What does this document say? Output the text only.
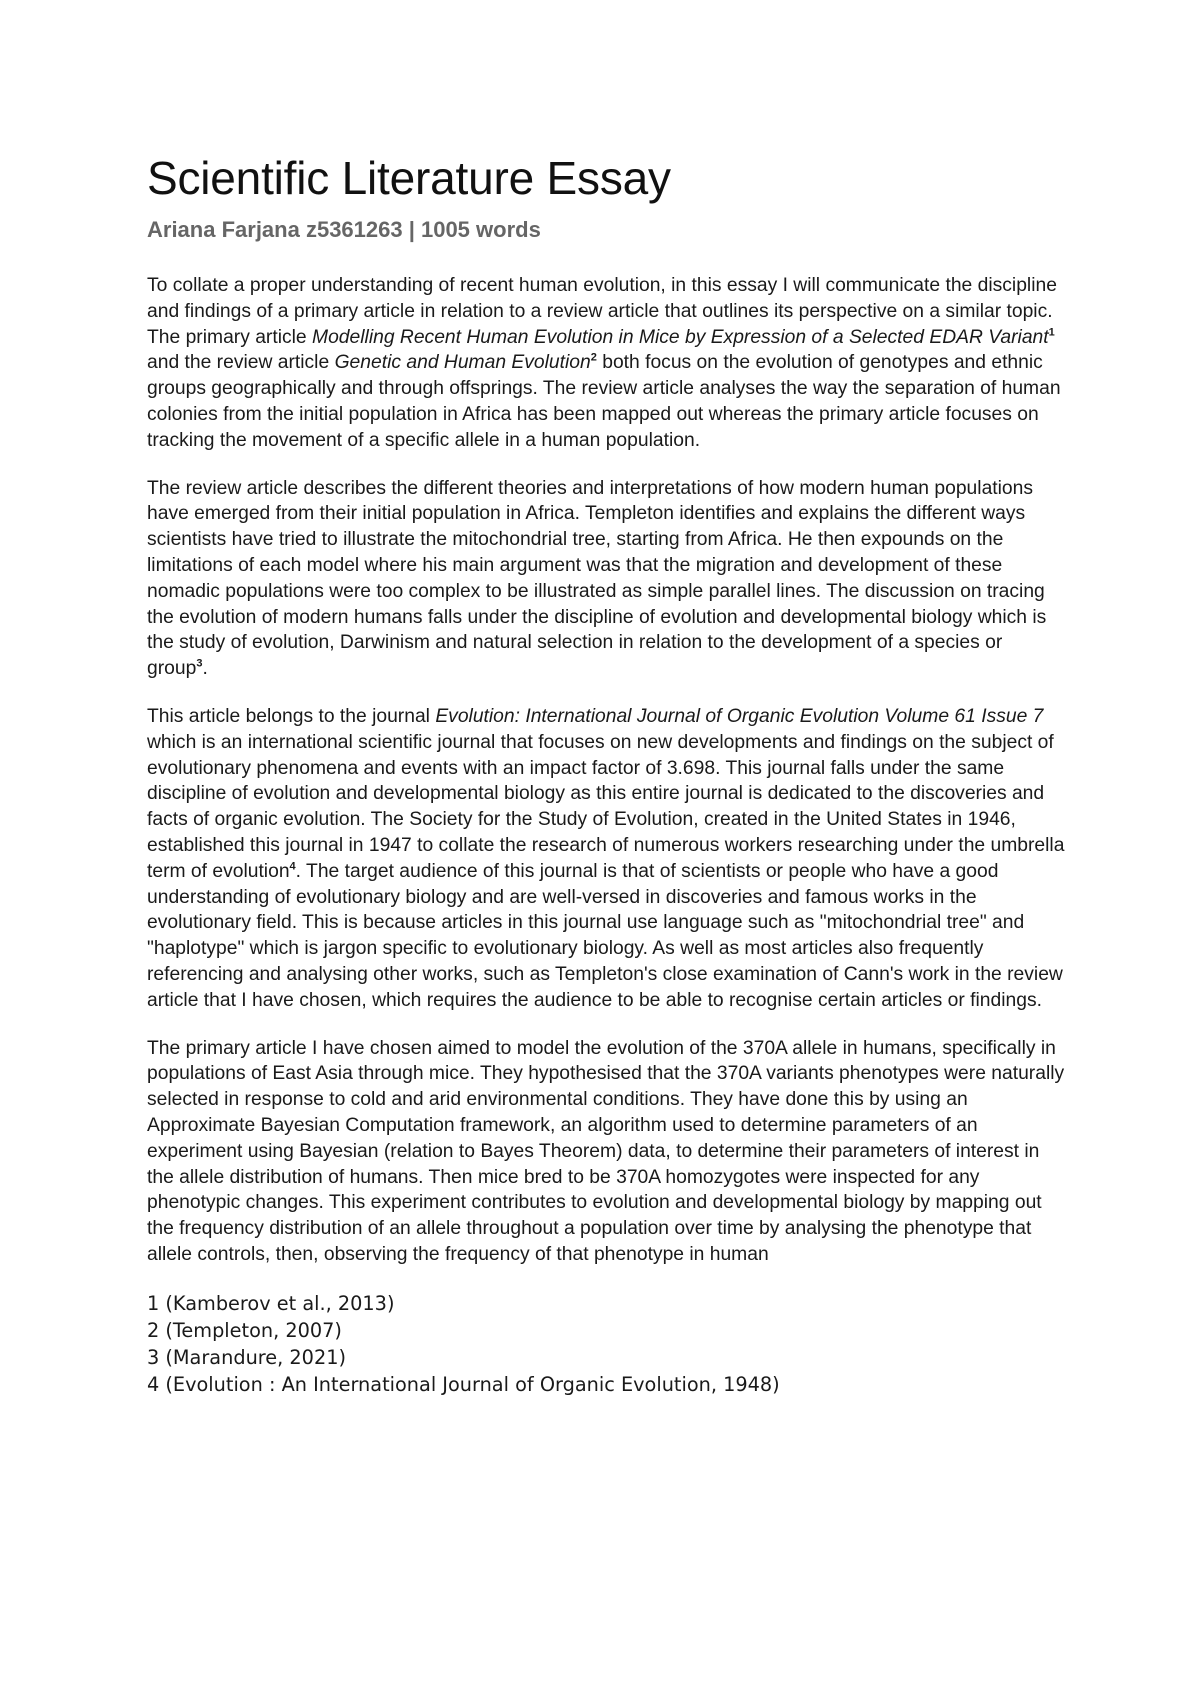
Scientific Literature Essay
Ariana Farjana z5361263 | 1005 words

To collate a proper understanding of recent human evolution, in this essay I will communicate the discipline and findings of a primary article in relation to a review article that outlines its perspective on a similar topic. The primary article Modelling Recent Human Evolution in Mice by Expression of a Selected EDAR Variant$^1$ and the review article Genetic and Human Evolution$^2$ both focus on the evolution of genotypes and ethnic groups geographically and through offsprings. The review article analyses the way the separation of human colonies from the initial population in Africa has been mapped out whereas the primary article focuses on tracking the movement of a specific allele in a human population.

The review article describes the different theories and interpretations of how modern human populations have emerged from their initial population in Africa. Templeton identifies and explains the different ways scientists have tried to illustrate the mitochondrial tree, starting from Africa. He then expounds on the limitations of each model where his main argument was that the migration and development of these nomadic populations were too complex to be illustrated as simple parallel lines. The discussion on tracing the evolution of modern humans falls under the discipline of evolution and developmental biology which is the study of evolution, Darwinism and natural selection in relation to the development of a species or group$^3$.

This article belongs to the journal Evolution: International Journal of Organic Evolution Volume 61 Issue 7 which is an international scientific journal that focuses on new developments and findings on the subject of evolutionary phenomena and events with an impact factor of 3.698. This journal falls under the same discipline of evolution and developmental biology as this entire journal is dedicated to the discoveries and facts of organic evolution. The Society for the Study of Evolution, created in the United States in 1946, established this journal in 1947 to collate the research of numerous workers researching under the umbrella term of evolution$^4$. The target audience of this journal is that of scientists or people who have a good understanding of evolutionary biology and are well-versed in discoveries and famous works in the evolutionary field. This is because articles in this journal use language such as "mitochondrial tree" and "haplotype" which is jargon specific to evolutionary biology. As well as most articles also frequently referencing and analysing other works, such as Templeton's close examination of Cann's work in the review article that I have chosen, which requires the audience to be able to recognise certain articles or findings.

The primary article I have chosen aimed to model the evolution of the 370A allele in humans, specifically in populations of East Asia through mice. They hypothesised that the 370A variants phenotypes were naturally selected in response to cold and arid environmental conditions. They have done this by using an Approximate Bayesian Computation framework, an algorithm used to determine parameters of an experiment using Bayesian (relation to Bayes Theorem) data, to determine their parameters of interest in the allele distribution of humans. Then mice bred to be 370A homozygotes were inspected for any phenotypic changes. This experiment contributes to evolution and developmental biology by mapping out the frequency distribution of an allele throughout a population over time by analysing the phenotype that allele controls, then, observing the frequency of that phenotype in human

1 (Kamberov et al., 2013)
2 (Templeton, 2007)
3 (Marandure, 2021)
4 (Evolution : An International Journal of Organic Evolution, 1948)
